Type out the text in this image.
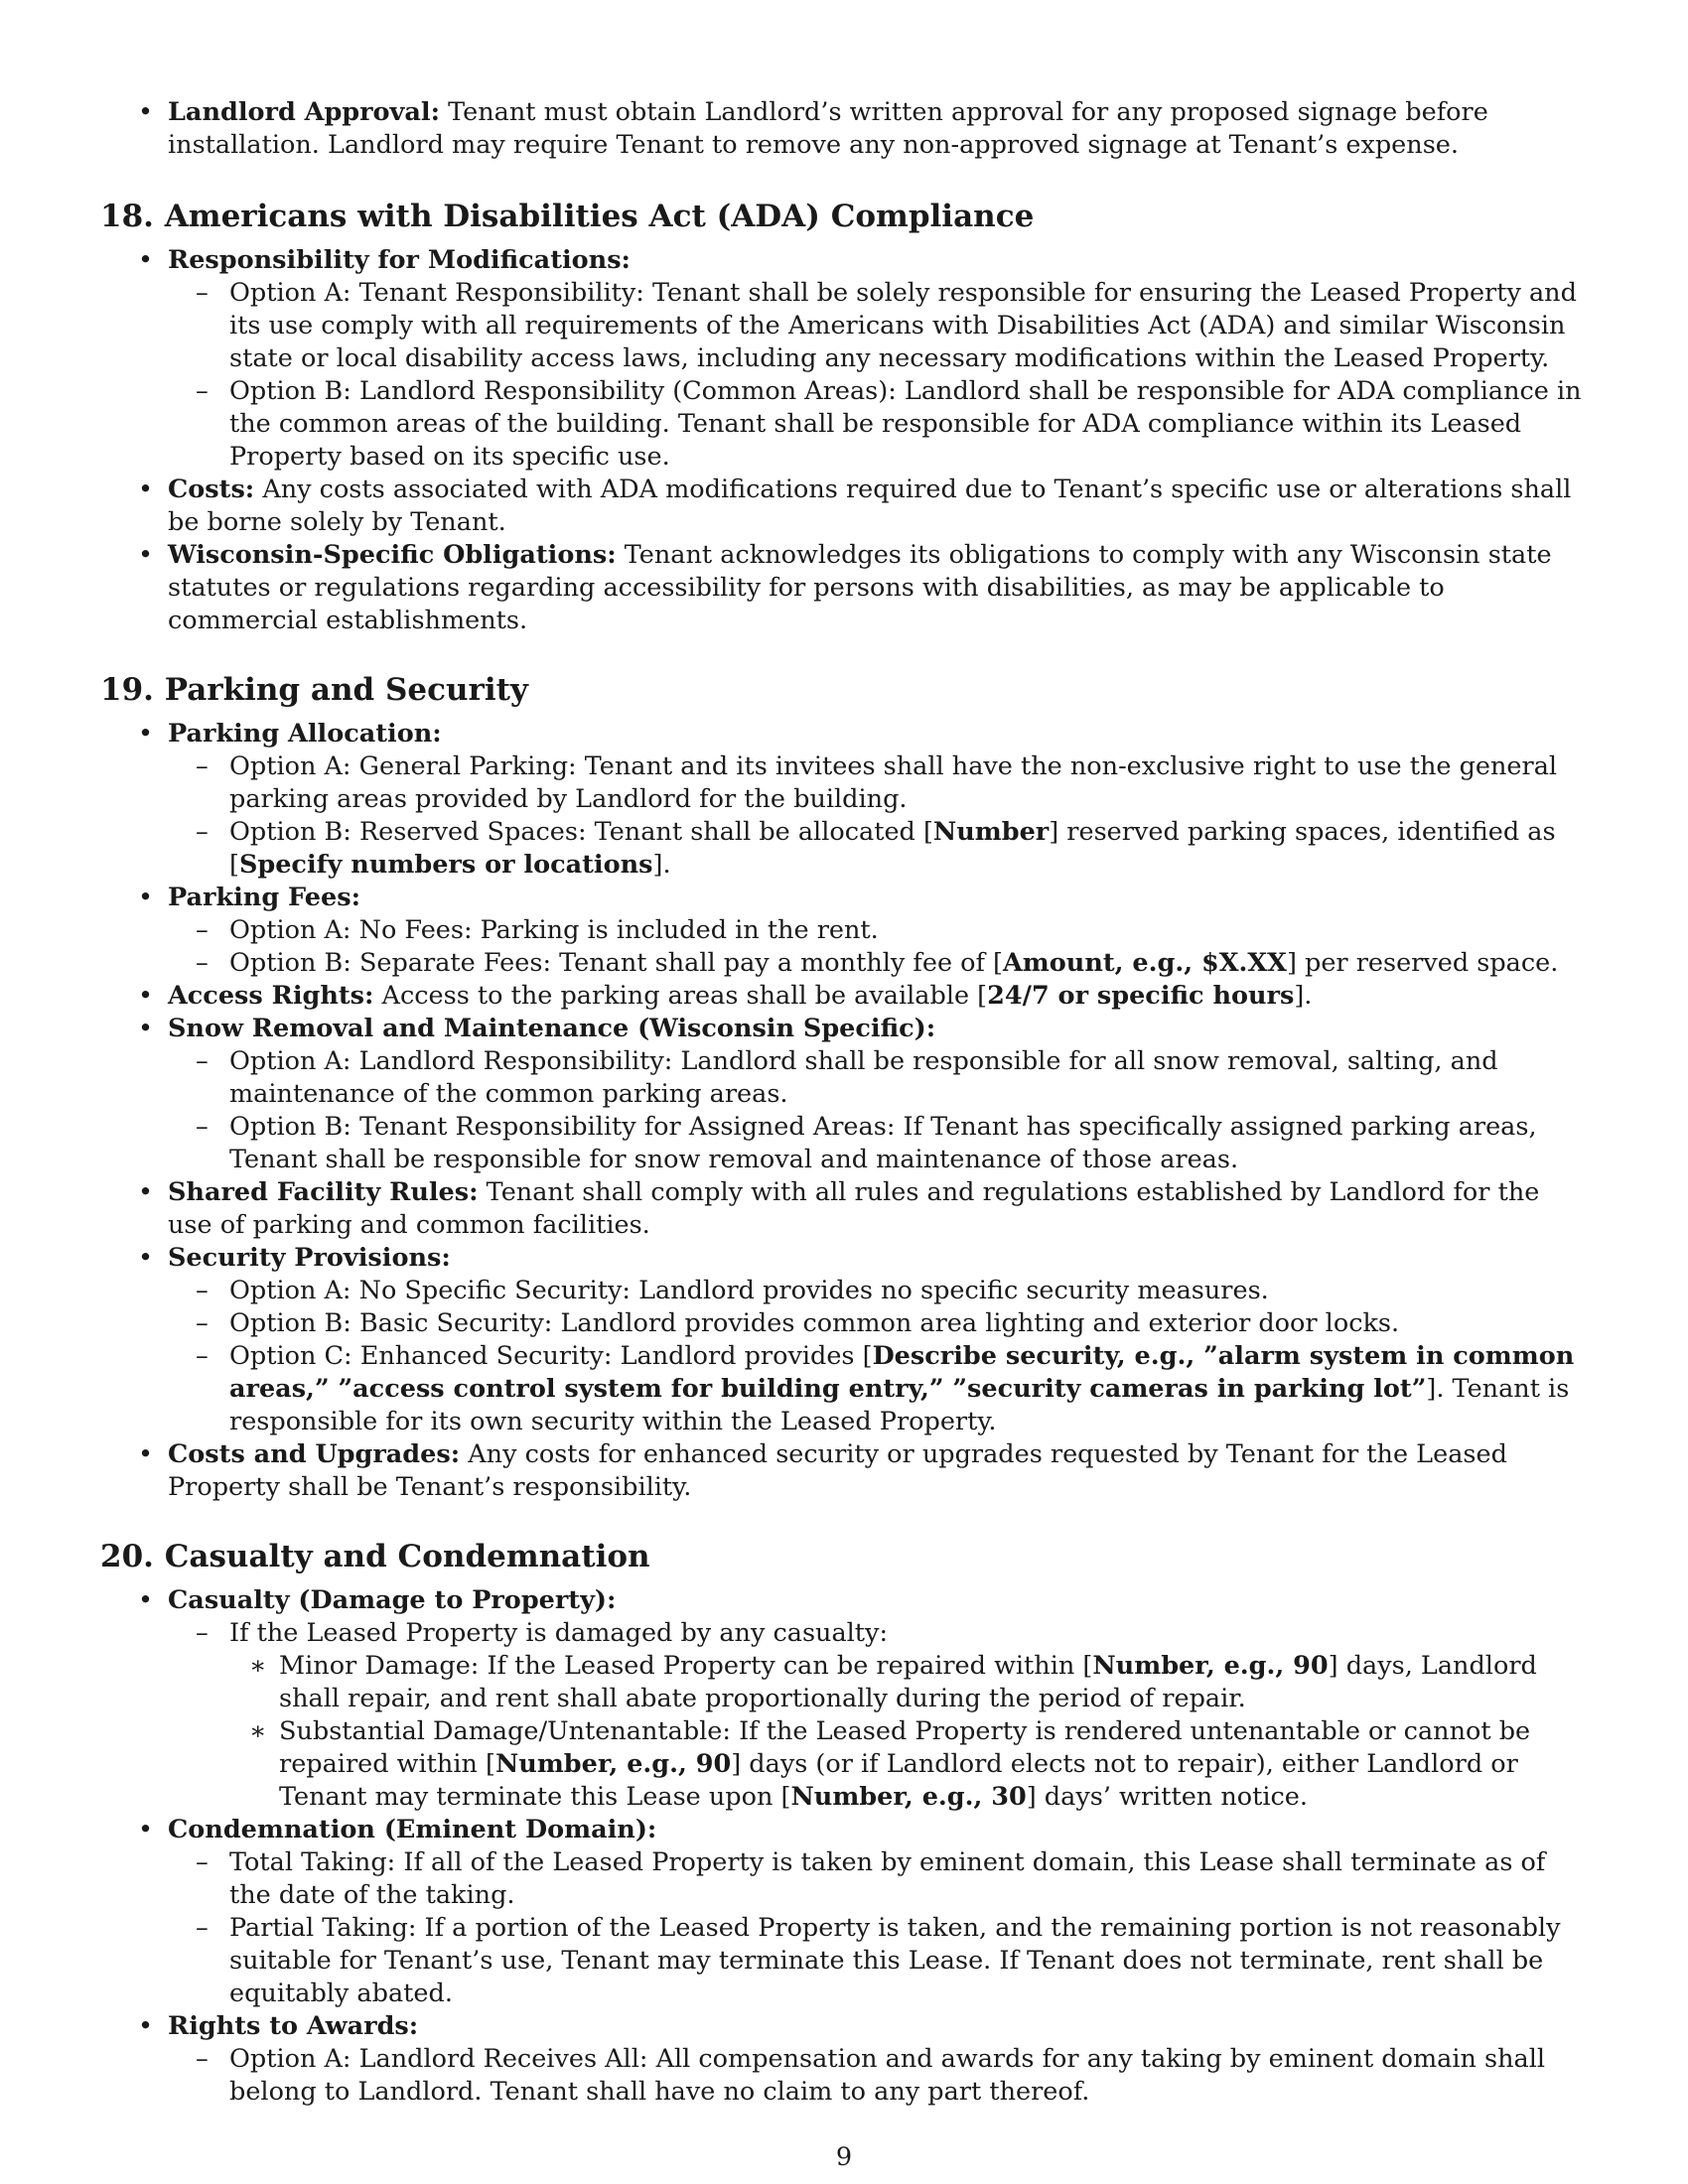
• Landlord Approval: Tenant must obtain Landlord’s written approval for any proposed signage before installation. Landlord may require Tenant to remove any non-approved signage at Tenant’s expense.
18. Americans with Disabilities Act (ADA) Compliance
• Responsibility for Modifications:
– Option A: Tenant Responsibility: Tenant shall be solely responsible for ensuring the Leased Property and its use comply with all requirements of the Americans with Disabilities Act (ADA) and similar Wisconsin state or local disability access laws, including any necessary modifications within the Leased Property.
– Option B: Landlord Responsibility (Common Areas): Landlord shall be responsible for ADA compliance in the common areas of the building. Tenant shall be responsible for ADA compliance within its Leased Property based on its specific use.
• Costs: Any costs associated with ADA modifications required due to Tenant’s specific use or alterations shall be borne solely by Tenant.
• Wisconsin-Specific Obligations: Tenant acknowledges its obligations to comply with any Wisconsin state statutes or regulations regarding accessibility for persons with disabilities, as may be applicable to commercial establishments.
19. Parking and Security
• Parking Allocation:
– Option A: General Parking: Tenant and its invitees shall have the non-exclusive right to use the general parking areas provided by Landlord for the building.
– Option B: Reserved Spaces: Tenant shall be allocated [Number] reserved parking spaces, identified as [Specify numbers or locations].
• Parking Fees:
– Option A: No Fees: Parking is included in the rent.
– Option B: Separate Fees: Tenant shall pay a monthly fee of [Amount, e.g., $X.XX] per reserved space.
• Access Rights: Access to the parking areas shall be available [24/7 or specific hours].
• Snow Removal and Maintenance (Wisconsin Specific):
– Option A: Landlord Responsibility: Landlord shall be responsible for all snow removal, salting, and maintenance of the common parking areas.
– Option B: Tenant Responsibility for Assigned Areas: If Tenant has specifically assigned parking areas, Tenant shall be responsible for snow removal and maintenance of those areas.
• Shared Facility Rules: Tenant shall comply with all rules and regulations established by Landlord for the use of parking and common facilities.
• Security Provisions:
– Option A: No Specific Security: Landlord provides no specific security measures.
– Option B: Basic Security: Landlord provides common area lighting and exterior door locks.
– Option C: Enhanced Security: Landlord provides [Describe security, e.g., ”alarm system in common areas,” ”access control system for building entry,” ”security cameras in parking lot”]. Tenant is responsible for its own security within the Leased Property.
• Costs and Upgrades: Any costs for enhanced security or upgrades requested by Tenant for the Leased Property shall be Tenant’s responsibility.
20. Casualty and Condemnation
• Casualty (Damage to Property):
– If the Leased Property is damaged by any casualty:
∗ Minor Damage: If the Leased Property can be repaired within [Number, e.g., 90] days, Landlord shall repair, and rent shall abate proportionally during the period of repair.
∗ Substantial Damage/Untenantable: If the Leased Property is rendered untenantable or cannot be repaired within [Number, e.g., 90] days (or if Landlord elects not to repair), either Landlord or Tenant may terminate this Lease upon [Number, e.g., 30] days’ written notice.
• Condemnation (Eminent Domain):
– Total Taking: If all of the Leased Property is taken by eminent domain, this Lease shall terminate as of the date of the taking.
– Partial Taking: If a portion of the Leased Property is taken, and the remaining portion is not reasonably suitable for Tenant’s use, Tenant may terminate this Lease. If Tenant does not terminate, rent shall be equitably abated.
• Rights to Awards:
– Option A: Landlord Receives All: All compensation and awards for any taking by eminent domain shall belong to Landlord. Tenant shall have no claim to any part thereof.
9
